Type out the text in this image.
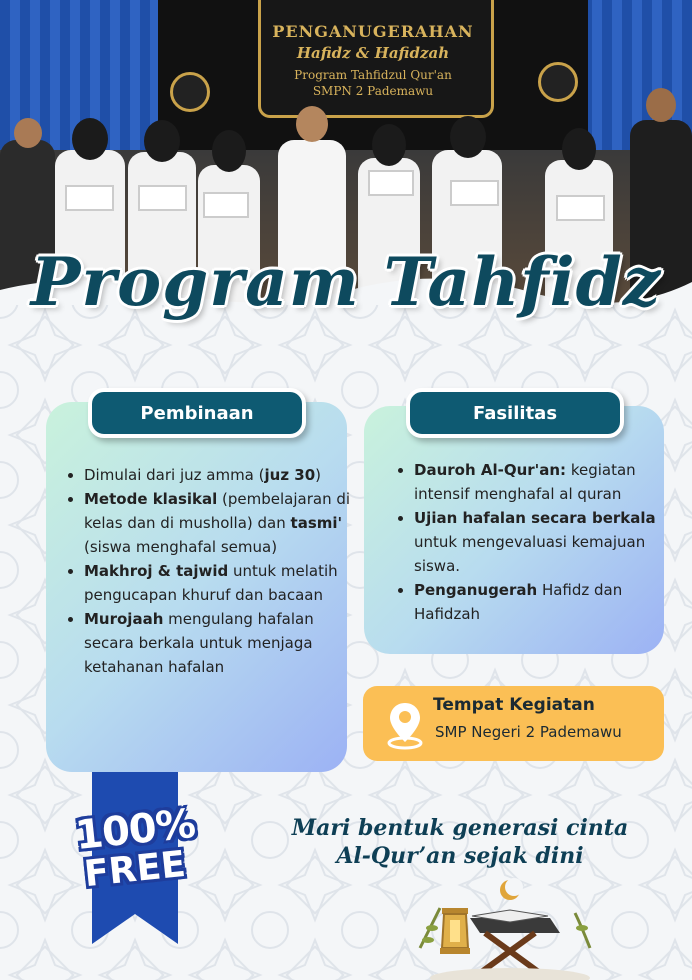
PENGANUGERAHAN
Hafidz & Hafidzah
Program Tahfidzul Qur'an
SMPN 2 Pademawu
Program Tahfidz
Pembinaan
• Dimulai dari juz amma (juz 30)
• Metode klasikal (pembelajaran di kelas dan di musholla) dan tasmi' (siswa menghafal semua)
• Makhroj & tajwid untuk melatih pengucapan khuruf dan bacaan
• Murojaah mengulang hafalan secara berkala untuk menjaga ketahanan hafalan
Fasilitas
• Dauroh Al-Qur'an: kegiatan intensif menghafal al quran
• Ujian hafalan secara berkala untuk mengevaluasi kemajuan siswa.
• Penganugerah Hafidz dan Hafidzah
Tempat Kegiatan
SMP Negeri 2 Pademawu
100%
FREE
Mari bentuk generasi cinta
Al-Qur’an sejak dini
